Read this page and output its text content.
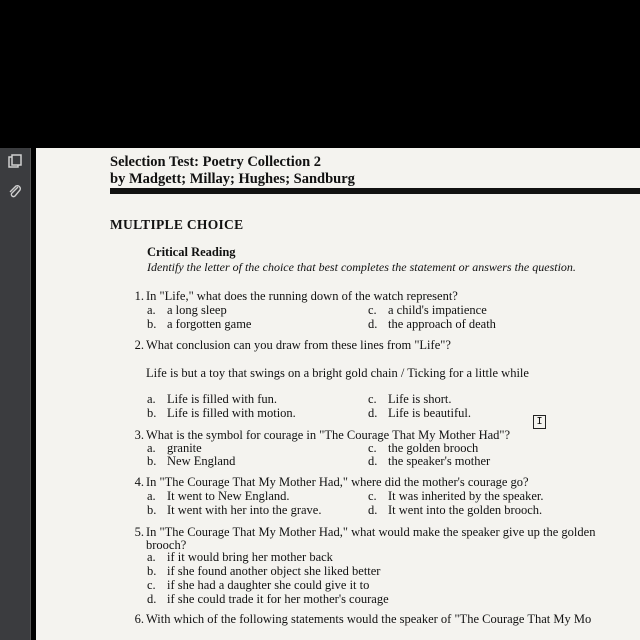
Selection Test: Poetry Collection 2
by Madgett; Millay; Hughes; Sandburg
MULTIPLE CHOICE
Critical Reading
Identify the letter of the choice that best completes the statement or answers the question.
1. In "Life," what does the running down of the watch represent?
a. a long sleep
b. a forgotten game
c. a child's impatience
d. the approach of death
2. What conclusion can you draw from these lines from "Life"?
Life is but a toy that swings on a bright gold chain / Ticking for a little while
a. Life is filled with fun.
b. Life is filled with motion.
c. Life is short.
d. Life is beautiful.
I
3. What is the symbol for courage in "The Courage That My Mother Had"?
a. granite
b. New England
c. the golden brooch
d. the speaker's mother
4. In "The Courage That My Mother Had," where did the mother's courage go?
a. It went to New England.
b. It went with her into the grave.
c. It was inherited by the speaker.
d. It went into the golden brooch.
5. In "The Courage That My Mother Had," what would make the speaker give up the golden
brooch?
a. if it would bring her mother back
b. if she found another object she liked better
c. if she had a daughter she could give it to
d. if she could trade it for her mother's courage
6. With which of the following statements would the speaker of "The Courage That My Mo
